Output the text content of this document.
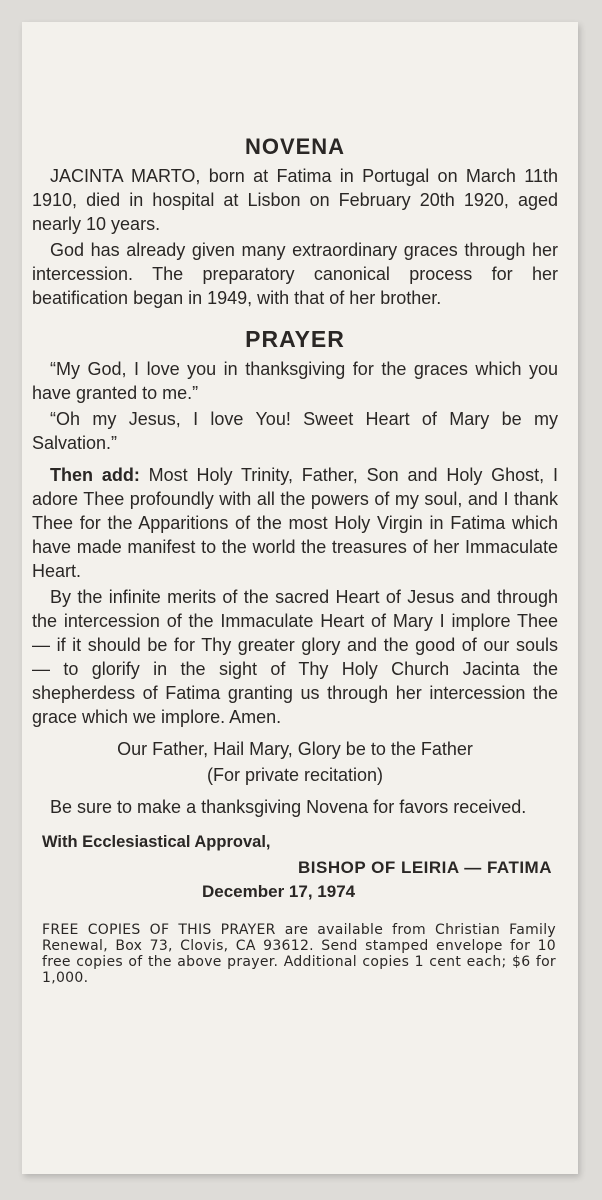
NOVENA

JACINTA MARTO, born at Fatima in Portugal on March 11th 1910, died in hospital at Lisbon on February 20th 1920, aged nearly 10 years.

God has already given many extraordinary graces through her intercession. The preparatory canonical process for her beatification began in 1949, with that of her brother.

PRAYER

“My God, I love you in thanksgiving for the graces which you have granted to me.”

“Oh my Jesus, I love You! Sweet Heart of Mary be my Salvation.”

Then add: Most Holy Trinity, Father, Son and Holy Ghost, I adore Thee profoundly with all the powers of my soul, and I thank Thee for the Apparitions of the most Holy Virgin in Fatima which have made manifest to the world the treasures of her Immaculate Heart.

By the infinite merits of the sacred Heart of Jesus and through the intercession of the Immaculate Heart of Mary I implore Thee — if it should be for Thy greater glory and the good of our souls — to glorify in the sight of Thy Holy Church Jacinta the shepherdess of Fatima granting us through her intercession the grace which we implore. Amen.

Our Father, Hail Mary, Glory be to the Father

(For private recitation)

Be sure to make a thanksgiving Novena for favors received.

With Ecclesiastical Approval,

BISHOP OF LEIRIA — FATIMA

December 17, 1974

FREE COPIES OF THIS PRAYER are available from Christian Family Renewal, Box 73, Clovis, CA 93612. Send stamped envelope for 10 free copies of the above prayer. Additional copies 1 cent each; $6 for 1,000.
